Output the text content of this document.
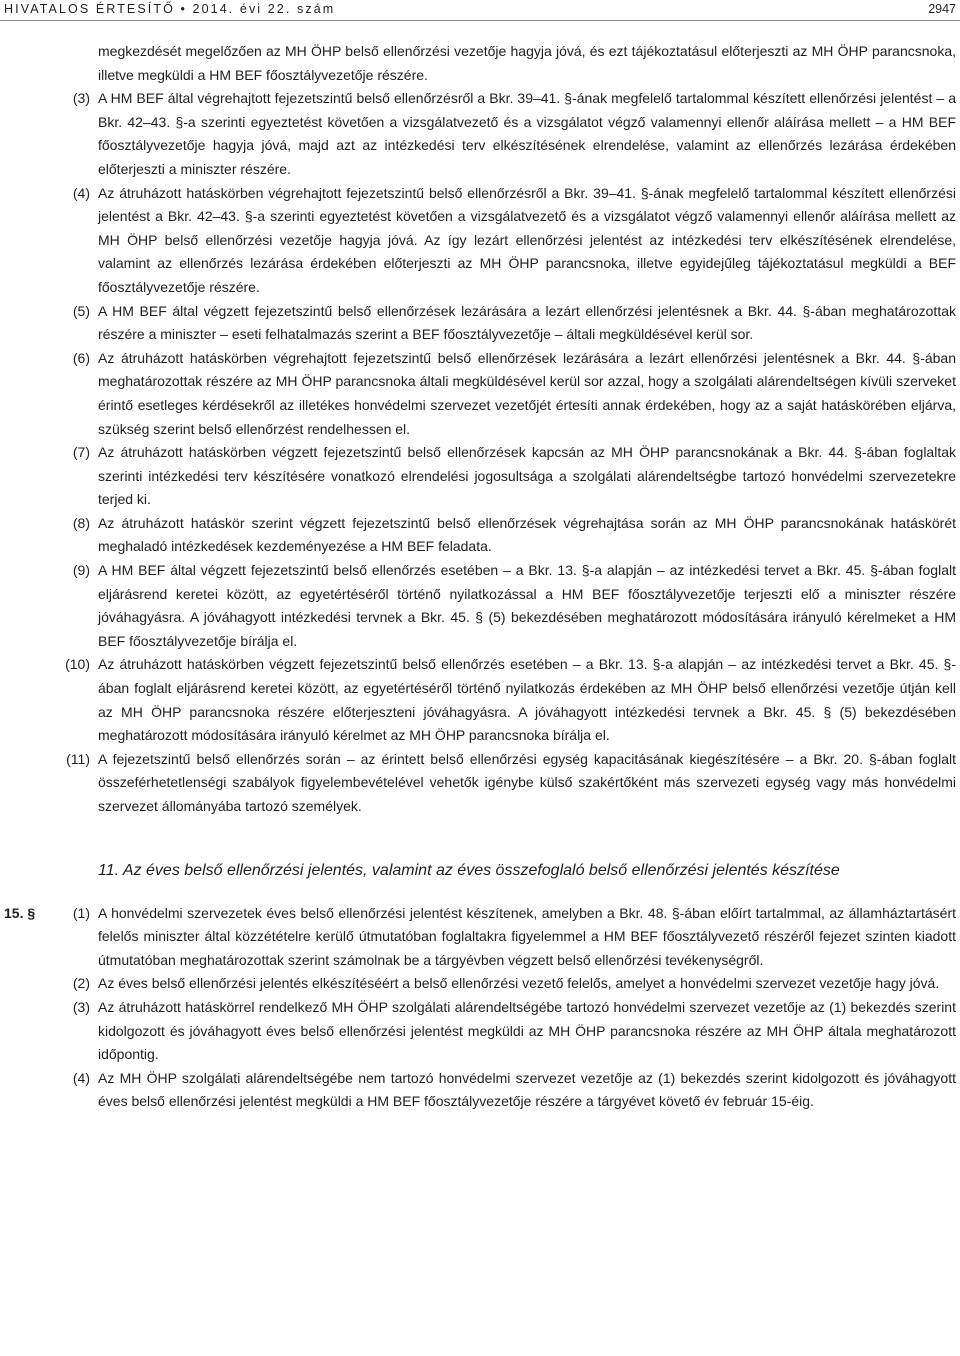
HIVATALOS ÉRTESÍTŐ • 2014. évi 22. szám	2947
megkezdését megelőzően az MH ÖHP belső ellenőrzési vezetője hagyja jóvá, és ezt tájékoztatásul előterjeszti az MH ÖHP parancsnoka, illetve megküldi a HM BEF főosztályvezetője részére.
(3) A HM BEF által végrehajtott fejezetszintű belső ellenőrzésről a Bkr. 39–41. §-ának megfelelő tartalommal készített ellenőrzési jelentést – a Bkr. 42–43. §-a szerinti egyeztetést követően a vizsgálatvezető és a vizsgálatot végző valamennyi ellenőr aláírása mellett – a HM BEF főosztályvezetője hagyja jóvá, majd azt az intézkedési terv elkészítésének elrendelése, valamint az ellenőrzés lezárása érdekében előterjeszti a miniszter részére.
(4) Az átruházott hatáskörben végrehajtott fejezetszintű belső ellenőrzésről a Bkr. 39–41. §-ának megfelelő tartalommal készített ellenőrzési jelentést a Bkr. 42–43. §-a szerinti egyeztetést követően a vizsgálatvezető és a vizsgálatot végző valamennyi ellenőr aláírása mellett az MH ÖHP belső ellenőrzési vezetője hagyja jóvá. Az így lezárt ellenőrzési jelentést az intézkedési terv elkészítésének elrendelése, valamint az ellenőrzés lezárása érdekében előterjeszti az MH ÖHP parancsnoka, illetve egyidejűleg tájékoztatásul megküldi a BEF főosztályvezetője részére.
(5) A HM BEF által végzett fejezetszintű belső ellenőrzések lezárására a lezárt ellenőrzési jelentésnek a Bkr. 44. §-ában meghatározottak részére a miniszter – eseti felhatalmazás szerint a BEF főosztályvezetője – általi megküldésével kerül sor.
(6) Az átruházott hatáskörben végrehajtott fejezetszintű belső ellenőrzések lezárására a lezárt ellenőrzési jelentésnek a Bkr. 44. §-ában meghatározottak részére az MH ÖHP parancsnoka általi megküldésével kerül sor azzal, hogy a szolgálati alárendeltségen kívüli szerveket érintő esetleges kérdésekről az illetékes honvédelmi szervezet vezetőjét értesíti annak érdekében, hogy az a saját hatáskörében eljárva, szükség szerint belső ellenőrzést rendelhessen el.
(7) Az átruházott hatáskörben végzett fejezetszintű belső ellenőrzések kapcsán az MH ÖHP parancsnokának a Bkr. 44. §-ában foglaltak szerinti intézkedési terv készítésére vonatkozó elrendelési jogosultsága a szolgálati alárendeltségbe tartozó honvédelmi szervezetekre terjed ki.
(8) Az átruházott hatáskör szerint végzett fejezetszintű belső ellenőrzések végrehajtása során az MH ÖHP parancsnokának hatáskörét meghaladó intézkedések kezdeményezése a HM BEF feladata.
(9) A HM BEF által végzett fejezetszintű belső ellenőrzés esetében – a Bkr. 13. §-a alapján – az intézkedési tervet a Bkr. 45. §-ában foglalt eljárásrend keretei között, az egyetértéséről történő nyilatkozással a HM BEF főosztályvezetője terjeszti elő a miniszter részére jóváhagyásra. A jóváhagyott intézkedési tervnek a Bkr. 45. § (5) bekezdésében meghatározott módosítására irányuló kérelmeket a HM BEF főosztályvezetője bírálja el.
(10) Az átruházott hatáskörben végzett fejezetszintű belső ellenőrzés esetében – a Bkr. 13. §-a alapján – az intézkedési tervet a Bkr. 45. §-ában foglalt eljárásrend keretei között, az egyetértéséről történő nyilatkozás érdekében az MH ÖHP belső ellenőrzési vezetője útján kell az MH ÖHP parancsnoka részére előterjeszteni jóváhagyásra. A jóváhagyott intézkedési tervnek a Bkr. 45. § (5) bekezdésében meghatározott módosítására irányuló kérelmet az MH ÖHP parancsnoka bírálja el.
(11) A fejezetszintű belső ellenőrzés során – az érintett belső ellenőrzési egység kapacitásának kiegészítésére – a Bkr. 20. §-ában foglalt összeférhetetlenségi szabályok figyelembevételével vehetők igénybe külső szakértőként más szervezeti egység vagy más honvédelmi szervezet állományába tartozó személyek.
11. Az éves belső ellenőrzési jelentés, valamint az éves összefoglaló belső ellenőrzési jelentés készítése
15. §	(1) A honvédelmi szervezetek éves belső ellenőrzési jelentést készítenek, amelyben a Bkr. 48. §-ában előírt tartalmmal, az államháztartásért felelős miniszter által közzétételre kerülő útmutatóban foglaltakra figyelemmel a HM BEF főosztályvezető részéről fejezet szinten kiadott útmutatóban meghatározottak szerint számolnak be a tárgyévben végzett belső ellenőrzési tevékenységről.
(2) Az éves belső ellenőrzési jelentés elkészítéséért a belső ellenőrzési vezető felelős, amelyet a honvédelmi szervezet vezetője hagy jóvá.
(3) Az átruházott hatáskörrel rendelkező MH ÖHP szolgálati alárendeltségébe tartozó honvédelmi szervezet vezetője az (1) bekezdés szerint kidolgozott és jóváhagyott éves belső ellenőrzési jelentést megküldi az MH ÖHP parancsnoka részére az MH ÖHP általa meghatározott időpontig.
(4) Az MH ÖHP szolgálati alárendeltségébe nem tartozó honvédelmi szervezet vezetője az (1) bekezdés szerint kidolgozott és jóváhagyott éves belső ellenőrzési jelentést megküldi a HM BEF főosztályvezetője részére a tárgyévet követő év február 15-éig.
